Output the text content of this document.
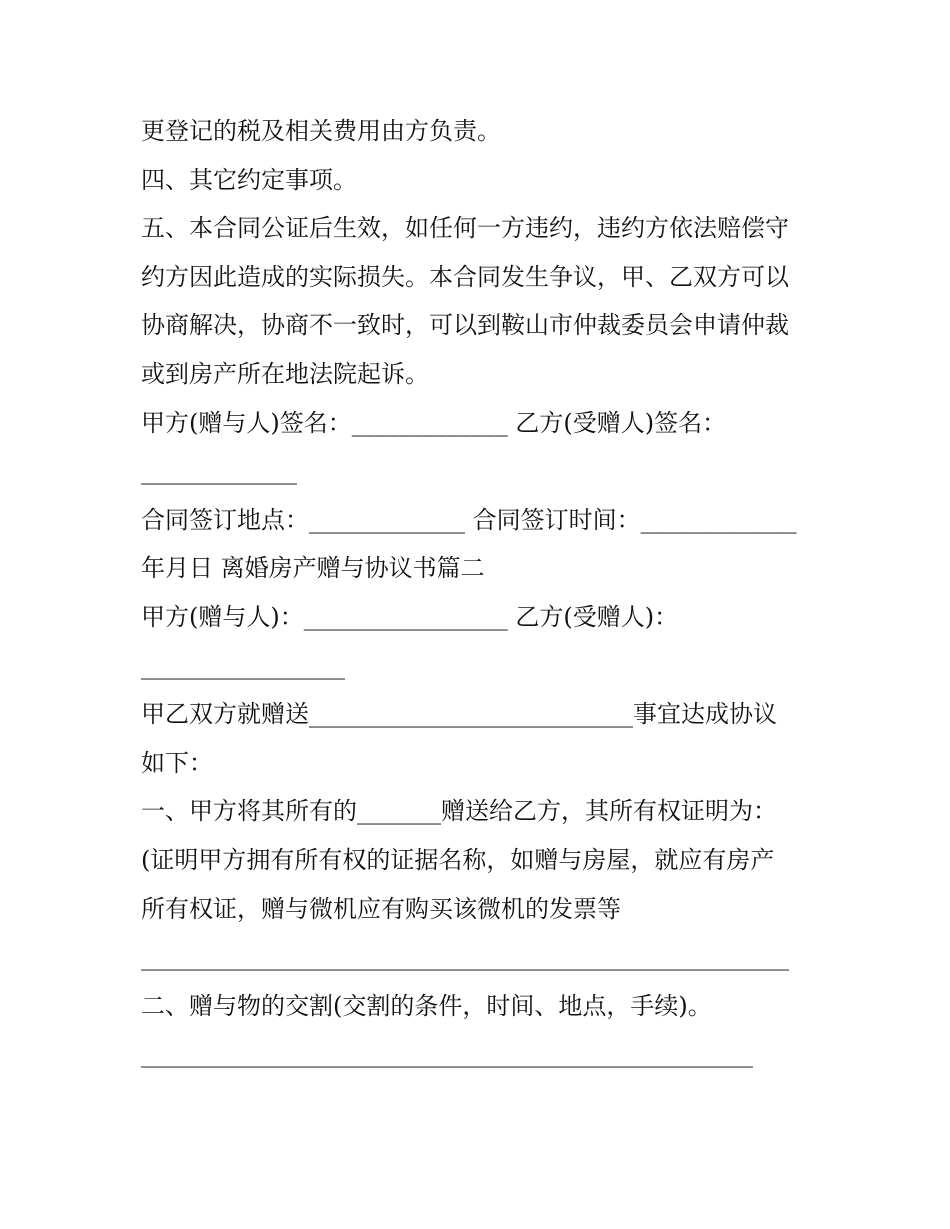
更登记的税及相关费用由方负责。
四、其它约定事项。
五、本合同公证后生效，如任何一方违约，违约方依法赔偿守
约方因此造成的实际损失。本合同发生争议，甲、乙双方可以
协商解决，协商不一致时，可以到鞍山市仲裁委员会申请仲裁
或到房产所在地法院起诉。
甲方(赠与人)签名：_____________ 乙方(受赠人)签名：
_____________
合同签订地点：_____________ 合同签订时间：_____________
年月日 离婚房产赠与协议书篇二
甲方(赠与人)：_________________ 乙方(受赠人)：
_________________
甲乙双方就赠送___________________________事宜达成协议
如下：
一、甲方将其所有的_______赠送给乙方，其所有权证明为：
(证明甲方拥有所有权的证据名称，如赠与房屋，就应有房产
所有权证，赠与微机应有购买该微机的发票等
______________________________________________________
二、赠与物的交割(交割的条件，时间、地点，手续)。
___________________________________________________
